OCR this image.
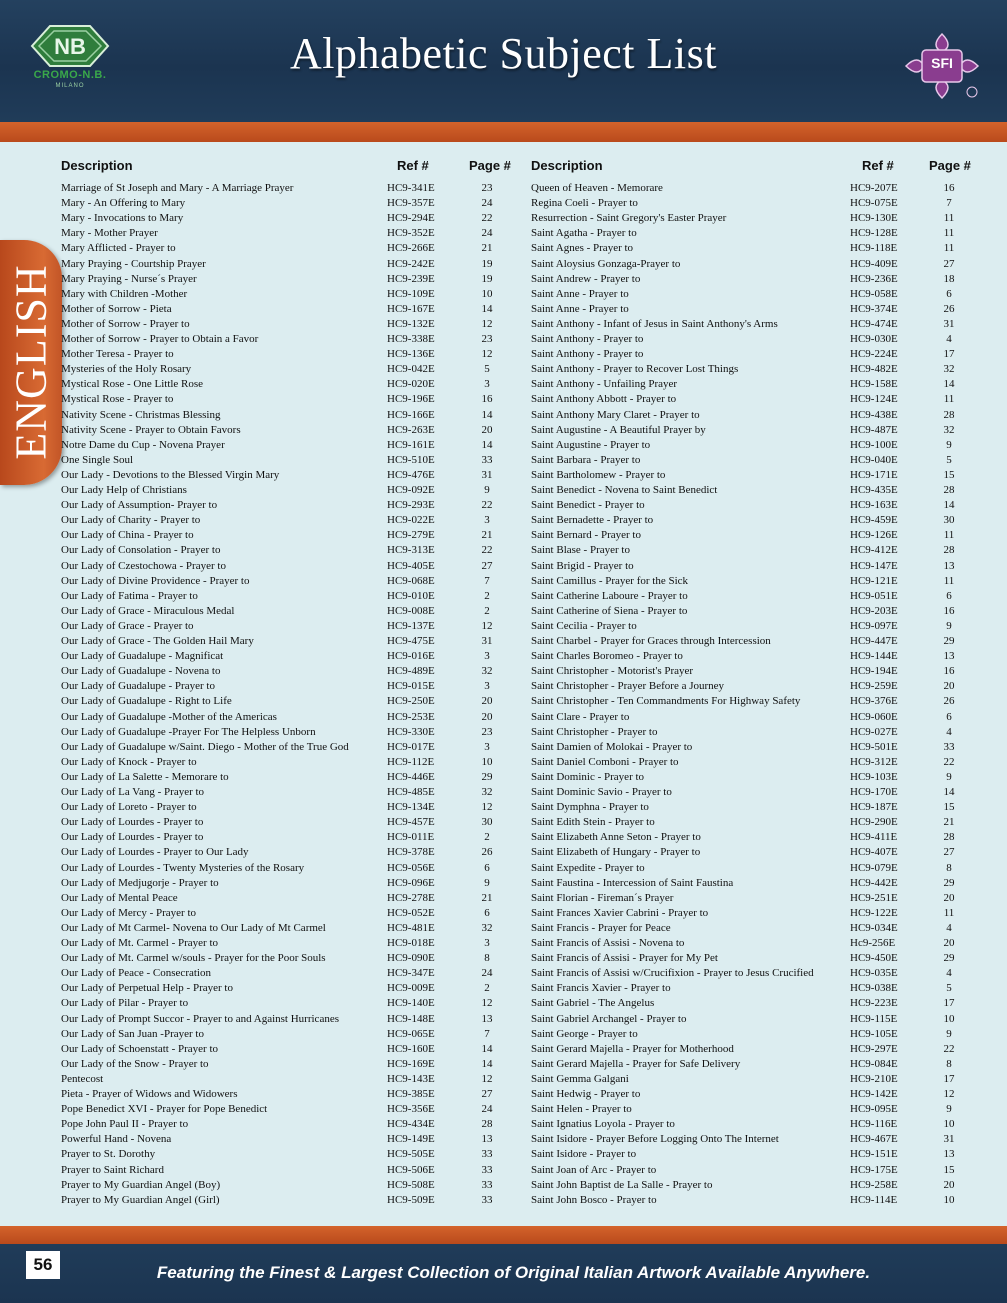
NB
CROMO-N.B.
MILANO
Alphabetic Subject List	SFI
ENGLISH
Description	Ref #	Page # Description	Ref #	Page #
Marriage of St Joseph and Mary - A Marriage Prayer	HC9-341E	23
Mary - An Offering to Mary	HC9-357E	24
Mary - Invocations to Mary	HC9-294E	22
Mary - Mother Prayer	HC9-352E	24
Mary Afflicted - Prayer to	HC9-266E	21
Mary Praying - Courtship Prayer	HC9-242E	19
Mary Praying - Nurse´s Prayer	HC9-239E	19
Mary with Children -Mother	HC9-109E	10
Mother of Sorrow - Pieta	HC9-167E	14
Mother of Sorrow - Prayer to	HC9-132E	12
Mother of Sorrow - Prayer to Obtain a Favor	HC9-338E	23
Mother Teresa - Prayer to	HC9-136E	12
Mysteries of the Holy Rosary	HC9-042E	5
Mystical Rose - One Little Rose	HC9-020E	3
Mystical Rose - Prayer to	HC9-196E	16
Nativity Scene - Christmas Blessing	HC9-166E	14
Nativity Scene - Prayer to Obtain Favors	HC9-263E	20
Notre Dame du Cup - Novena Prayer	HC9-161E	14
One Single Soul	HC9-510E	33
Our Lady - Devotions to the Blessed Virgin Mary	HC9-476E	31
Our Lady Help of Christians	HC9-092E	9
Our Lady of Assumption- Prayer to	HC9-293E	22
Our Lady of Charity - Prayer to	HC9-022E	3
Our Lady of China - Prayer to	HC9-279E	21
Our Lady of Consolation - Prayer to	HC9-313E	22
Our Lady of Czestochowa - Prayer to	HC9-405E	27
Our Lady of Divine Providence - Prayer to	HC9-068E	7
Our Lady of Fatima - Prayer to	HC9-010E	2
Our Lady of Grace - Miraculous Medal	HC9-008E	2
Our Lady of Grace - Prayer to	HC9-137E	12
Our Lady of Grace - The Golden Hail Mary	HC9-475E	31
Our Lady of Guadalupe - Magnificat	HC9-016E	3
Our Lady of Guadalupe - Novena to	HC9-489E	32
Our Lady of Guadalupe - Prayer to	HC9-015E	3
Our Lady of Guadalupe - Right to Life	HC9-250E	20
Our Lady of Guadalupe -Mother of the Americas	HC9-253E	20
Our Lady of Guadalupe -Prayer For The Helpless Unborn	HC9-330E	23
Our Lady of Guadalupe w/Saint. Diego - Mother of the True God	HC9-017E	3
Our Lady of Knock - Prayer to	HC9-112E	10
Our Lady of La Salette - Memorare to	HC9-446E	29
Our Lady of La Vang - Prayer to	HC9-485E	32
Our Lady of Loreto - Prayer to	HC9-134E	12
Our Lady of Lourdes - Prayer to	HC9-457E	30
Our Lady of Lourdes - Prayer to	HC9-011E	2
Our Lady of Lourdes - Prayer to Our Lady	HC9-378E	26
Our Lady of Lourdes - Twenty Mysteries of the Rosary	HC9-056E	6
Our Lady of Medjugorje - Prayer to	HC9-096E	9
Our Lady of Mental Peace	HC9-278E	21
Our Lady of Mercy - Prayer to	HC9-052E	6
Our Lady of Mt Carmel- Novena to Our Lady of Mt Carmel	HC9-481E	32
Our Lady of Mt. Carmel - Prayer to	HC9-018E	3
Our Lady of Mt. Carmel w/souls - Prayer for the Poor Souls	HC9-090E	8
Our Lady of Peace - Consecration	HC9-347E	24
Our Lady of Perpetual Help - Prayer to	HC9-009E	2
Our Lady of Pilar - Prayer to	HC9-140E	12
Our Lady of Prompt Succor - Prayer to and Against Hurricanes	HC9-148E	13
Our Lady of San Juan -Prayer to	HC9-065E	7
Our Lady of Schoenstatt - Prayer to	HC9-160E	14
Our Lady of the Snow - Prayer to	HC9-169E	14
Pentecost	HC9-143E	12
Pieta - Prayer of Widows and Widowers	HC9-385E	27
Pope Benedict XVI - Prayer for Pope Benedict	HC9-356E	24
Pope John Paul II - Prayer to	HC9-434E	28
Powerful Hand - Novena	HC9-149E	13
Prayer to St. Dorothy	HC9-505E	33
Prayer to Saint Richard	HC9-506E	33
Prayer to My Guardian Angel (Boy)	HC9-508E	33
Prayer to My Guardian Angel (Girl)	HC9-509E	33
Queen of Heaven - Memorare	HC9-207E	16
Regina Coeli - Prayer to	HC9-075E	7
Resurrection - Saint Gregory's Easter Prayer	HC9-130E	11
Saint Agatha - Prayer to	HC9-128E	11
Saint Agnes - Prayer to	HC9-118E	11
Saint Aloysius Gonzaga-Prayer to	HC9-409E	27
Saint Andrew - Prayer to	HC9-236E	18
Saint Anne - Prayer to	HC9-058E	6
Saint Anne - Prayer to	HC9-374E	26
Saint Anthony - Infant of Jesus in Saint Anthony's Arms	HC9-474E	31
Saint Anthony - Prayer to	HC9-030E	4
Saint Anthony - Prayer to	HC9-224E	17
Saint Anthony - Prayer to Recover Lost Things	HC9-482E	32
Saint Anthony - Unfailing Prayer	HC9-158E	14
Saint Anthony Abbott - Prayer to	HC9-124E	11
Saint Anthony Mary Claret - Prayer to	HC9-438E	28
Saint Augustine - A Beautiful Prayer by	HC9-487E	32
Saint Augustine - Prayer to	HC9-100E	9
Saint Barbara - Prayer to	HC9-040E	5
Saint Bartholomew - Prayer to	HC9-171E	15
Saint Benedict - Novena to Saint Benedict	HC9-435E	28
Saint Benedict - Prayer to	HC9-163E	14
Saint Bernadette - Prayer to	HC9-459E	30
Saint Bernard - Prayer to	HC9-126E	11
Saint Blase - Prayer to	HC9-412E	28
Saint Brigid - Prayer to	HC9-147E	13
Saint Camillus - Prayer for the Sick	HC9-121E	11
Saint Catherine Laboure - Prayer to	HC9-051E	6
Saint Catherine of Siena - Prayer to	HC9-203E	16
Saint Cecilia - Prayer to	HC9-097E	9
Saint Charbel - Prayer for Graces through Intercession	HC9-447E	29
Saint Charles Boromeo - Prayer to	HC9-144E	13
Saint Christopher - Motorist's Prayer	HC9-194E	16
Saint Christopher - Prayer Before a Journey	HC9-259E	20
Saint Christopher - Ten Commandments For Highway Safety	HC9-376E	26
Saint Clare - Prayer to	HC9-060E	6
Saint Christopher - Prayer to	HC9-027E	4
Saint Damien of Molokai - Prayer to	HC9-501E	33
Saint Daniel Comboni - Prayer to	HC9-312E	22
Saint Dominic - Prayer to	HC9-103E	9
Saint Dominic Savio - Prayer to	HC9-170E	14
Saint Dymphna - Prayer to	HC9-187E	15
Saint Edith Stein - Prayer to	HC9-290E	21
Saint Elizabeth Anne Seton - Prayer to	HC9-411E	28
Saint Elizabeth of Hungary - Prayer to	HC9-407E	27
Saint Expedite - Prayer to	HC9-079E	8
Saint Faustina - Intercession of Saint Faustina	HC9-442E	29
Saint Florian - Fireman´s Prayer	HC9-251E	20
Saint Frances Xavier Cabrini - Prayer to	HC9-122E	11
Saint Francis - Prayer for Peace	HC9-034E	4
Saint Francis of Assisi - Novena to	Hc9-256E	20
Saint Francis of Assisi - Prayer for My Pet	HC9-450E	29
Saint Francis of Assisi w/Crucifixion - Prayer to Jesus Crucified	HC9-035E	4
Saint Francis Xavier - Prayer to	HC9-038E	5
Saint Gabriel - The Angelus	HC9-223E	17
Saint Gabriel Archangel - Prayer to	HC9-115E	10
Saint George - Prayer to	HC9-105E	9
Saint Gerard Majella - Prayer for Motherhood	HC9-297E	22
Saint Gerard Majella - Prayer for Safe Delivery	HC9-084E	8
Saint Gemma Galgani	HC9-210E	17
Saint Hedwig - Prayer to	HC9-142E	12
Saint Helen - Prayer to	HC9-095E	9
Saint Ignatius Loyola - Prayer to	HC9-116E	10
Saint Isidore - Prayer Before Logging Onto The Internet	HC9-467E	31
Saint Isidore - Prayer to	HC9-151E	13
Saint Joan of Arc - Prayer to	HC9-175E	15
Saint John Baptist de La Salle - Prayer to	HC9-258E	20
Saint John Bosco - Prayer to	HC9-114E	10
56	Featuring the Finest & Largest Collection of Original Italian Artwork Available Anywhere.
